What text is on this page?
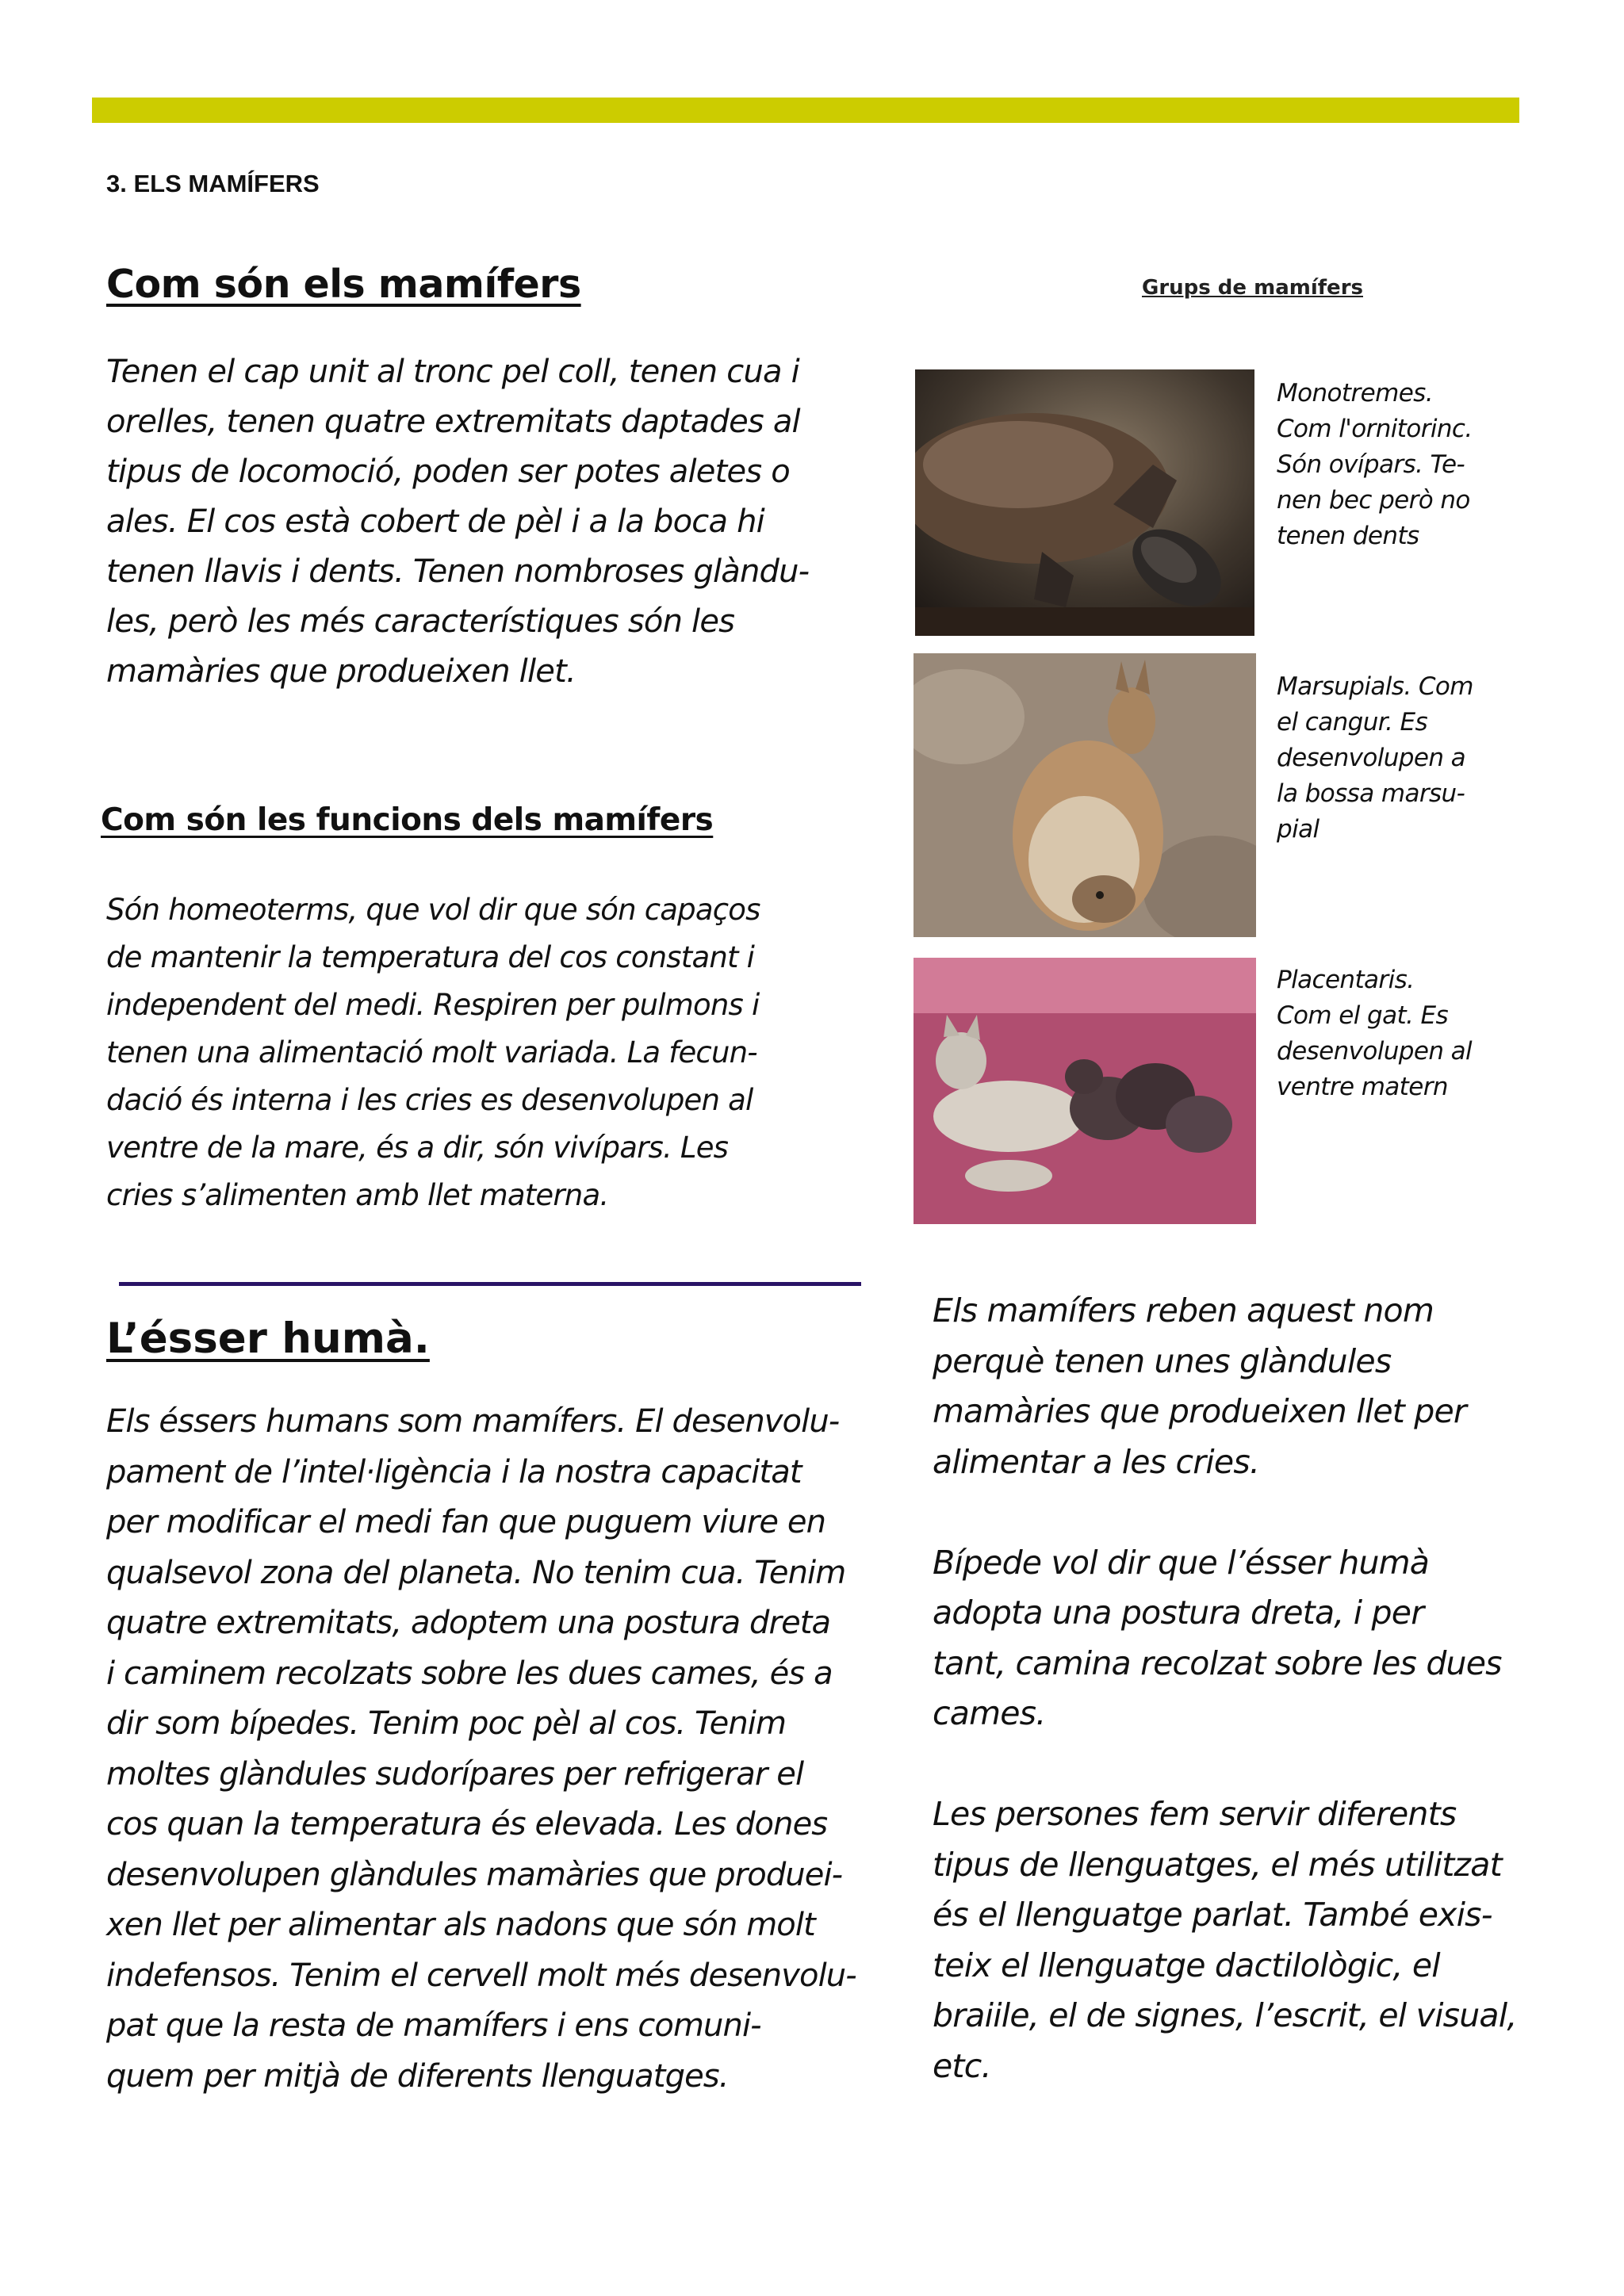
3. ELS MAMÍFERS
Com són els mamífers
Tenen el cap unit al tronc pel coll, tenen cua i
orelles, tenen quatre extremitats daptades al
tipus de locomoció, poden ser potes aletes o
ales. El cos està cobert de pèl i a la boca hi
tenen llavis i dents. Tenen nombroses glàndu-
les, però les més característiques són les
mamàries que produeixen llet.
Com són les funcions dels mamífers
Són homeoterms, que vol dir que són capaços
de mantenir la temperatura del cos constant i
independent del medi. Respiren per pulmons i
tenen una alimentació molt variada. La fecun-
dació és interna i les cries es desenvolupen al
ventre de la mare, és a dir, són vivípars. Les
cries s’alimenten amb llet materna.
Grups de mamífers
Monotremes.
Com l'ornitorinc.
Són ovípars. Te-
nen bec però no
tenen dents
Marsupials. Com
el cangur. Es
desenvolupen a
la bossa marsu-
pial
Placentaris.
Com el gat. Es
desenvolupen al
ventre matern
L’ésser humà.
Els éssers humans som mamífers. El desenvolu-
pament de l’intel·ligència i la nostra capacitat
per modificar el medi fan que puguem viure en
qualsevol zona del planeta. No tenim cua. Tenim
quatre extremitats, adoptem una postura dreta
i caminem recolzats sobre les dues cames, és a
dir som bípedes. Tenim poc pèl al cos. Tenim
moltes glàndules sudorípares per refrigerar el
cos quan la temperatura és elevada. Les dones
desenvolupen glàndules mamàries que produei-
xen llet per alimentar als nadons que són molt
indefensos. Tenim el cervell molt més desenvolu-
pat que la resta de mamífers i ens comuni-
quem per mitjà de diferents llenguatges.
Els mamífers reben aquest nom
perquè tenen unes glàndules
mamàries que produeixen llet per
alimentar a les cries.

Bípede vol dir que l’ésser humà
adopta una postura dreta, i per
tant, camina recolzat sobre les dues
cames.

Les persones fem servir diferents
tipus de llenguatges, el més utilitzat
és el llenguatge parlat. També exis-
teix el llenguatge dactilològic, el
braiile, el de signes, l’escrit, el visual,
etc.
